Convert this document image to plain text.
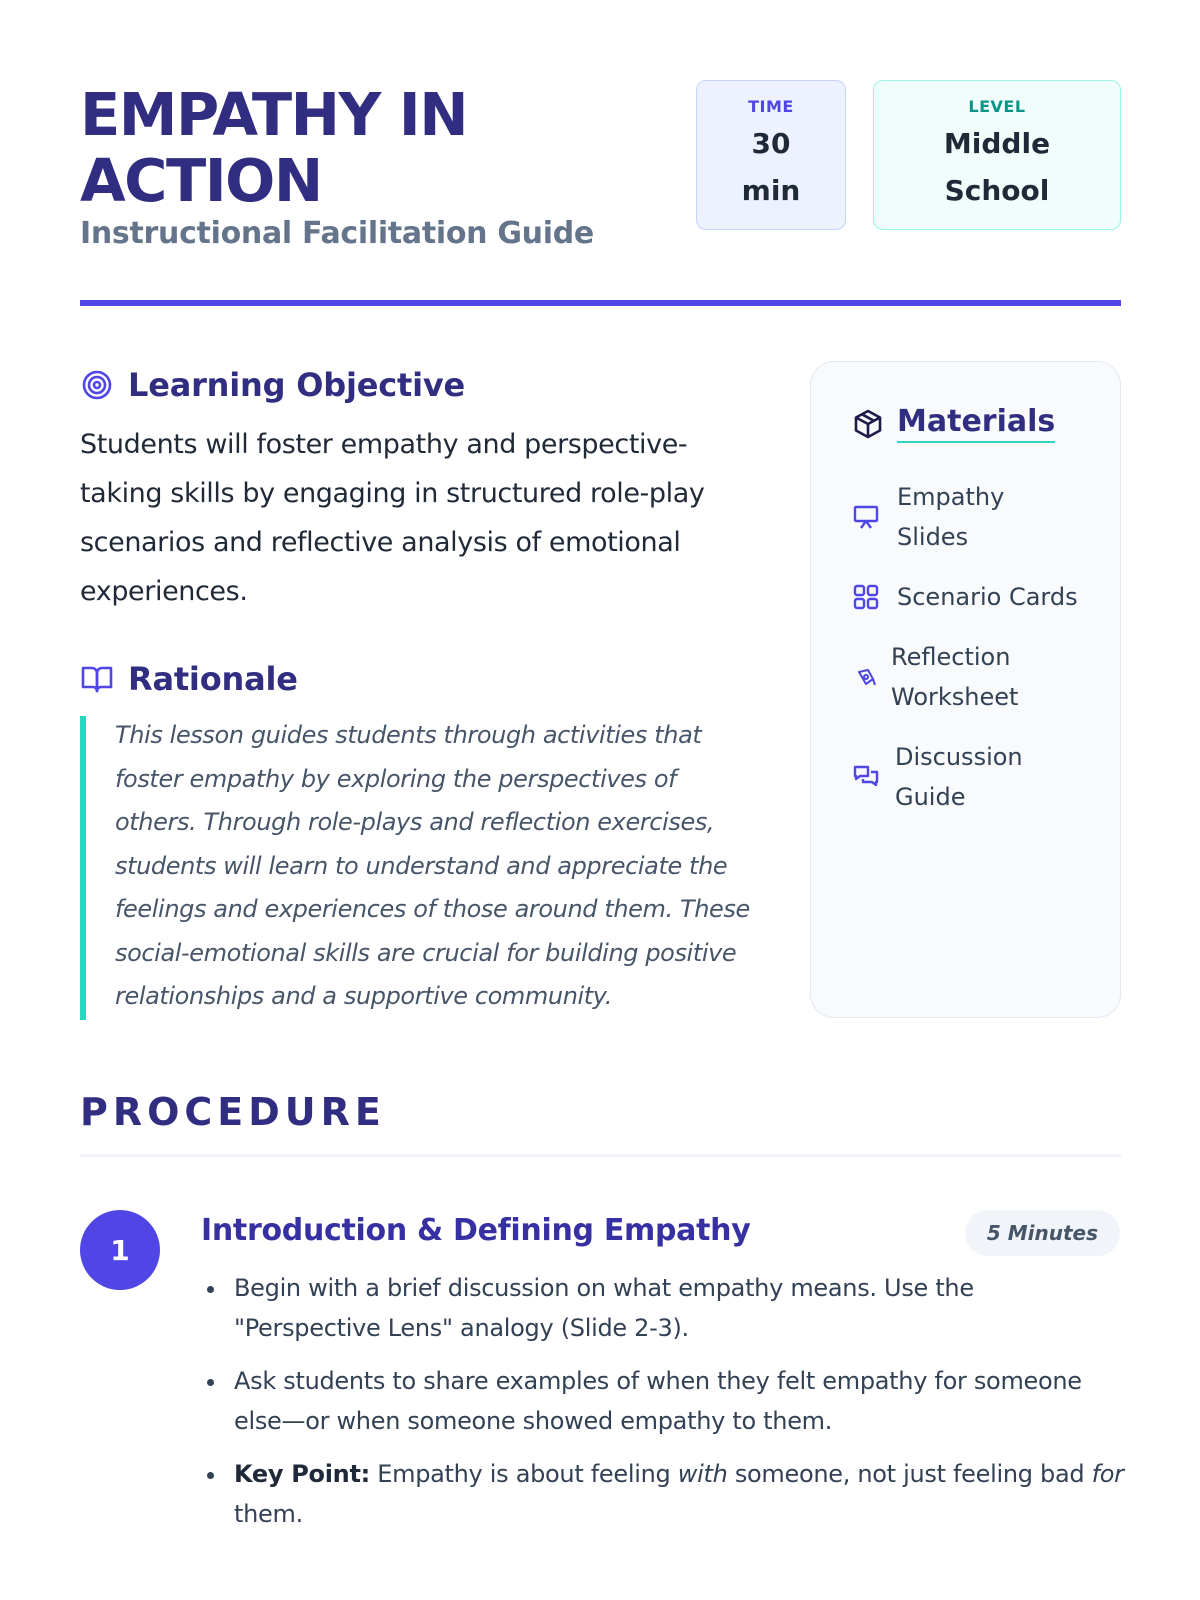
EMPATHY IN ACTION
Instructional Facilitation Guide
TIME
30 min
LEVEL
Middle School
Learning Objective

Students will foster empathy and perspective-taking skills by engaging in structured role-play scenarios and reflective analysis of emotional experiences.

Rationale

This lesson guides students through activities that foster empathy by exploring the perspectives of others. Through role-plays and reflection exercises, students will learn to understand and appreciate the feelings and experiences of those around them. These social-emotional skills are crucial for building positive relationships and a supportive community.

Materials
Empathy Slides
Scenario Cards
Reflection Worksheet
Discussion Guide
PROCEDURE
1
Introduction & Defining Empathy	5 Minutes
Begin with a brief discussion on what empathy means. Use the "Perspective Lens" analogy (Slide 2-3).
Ask students to share examples of when they felt empathy for someone else—or when someone showed empathy to them.
Key Point: Empathy is about feeling with someone, not just feeling bad for them.
